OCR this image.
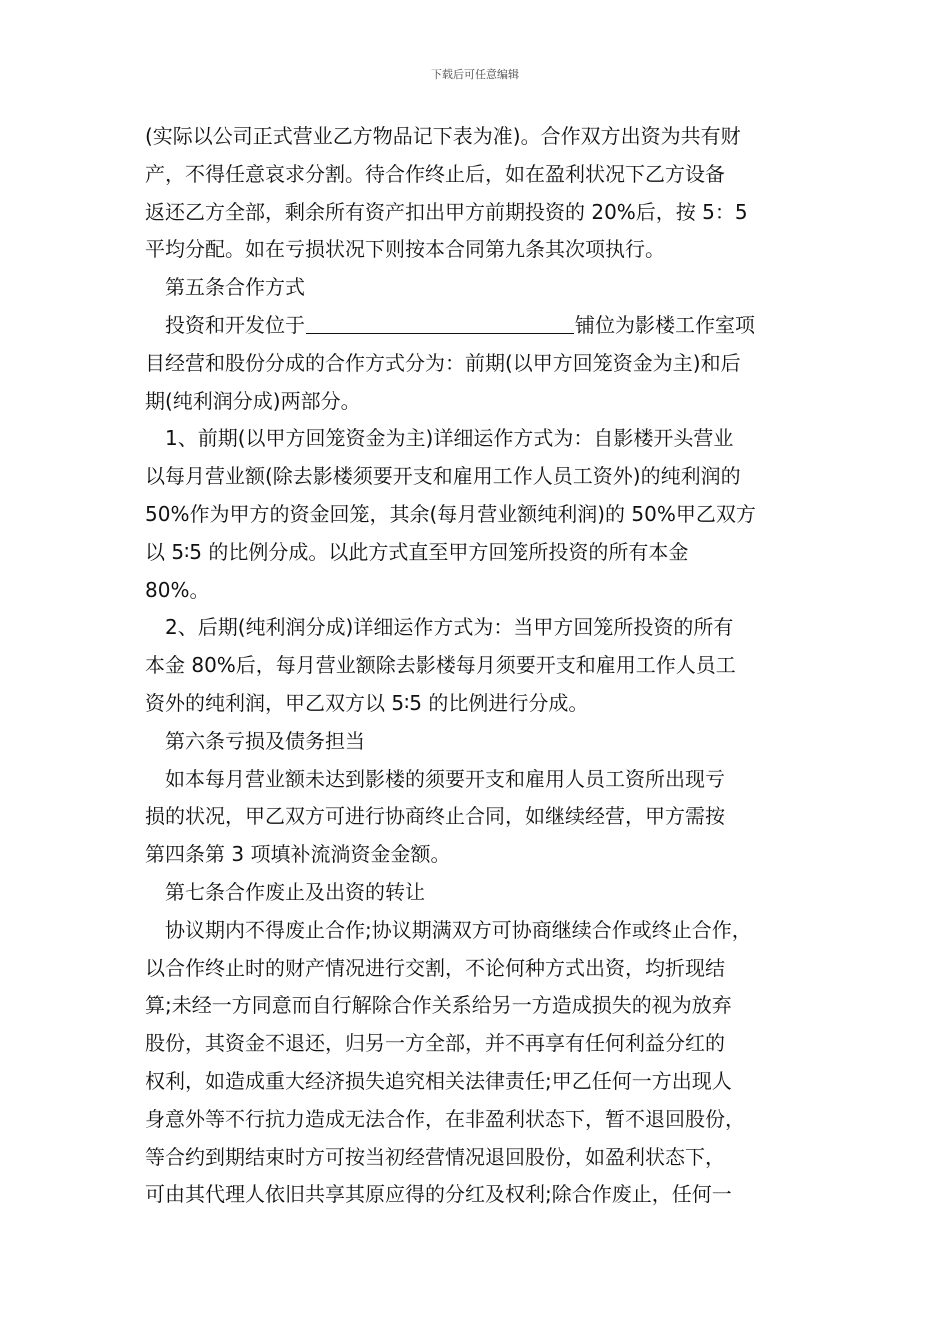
下载后可任意编辑
(实际以公司正式营业乙方物品记下表为准)。合作双方出资为共有财
产，不得任意哀求分割。待合作终止后，如在盈利状况下乙方设备
返还乙方全部，剩余所有资产扣出甲方前期投资的 20%后，按 5：5
平均分配。如在亏损状况下则按本合同第九条其次项执行。
第五条合作方式
投资和开发位于	铺位为影楼工作室项
目经营和股份分成的合作方式分为：前期(以甲方回笼资金为主)和后
期(纯利润分成)两部分。
1、前期(以甲方回笼资金为主)详细运作方式为：自影楼开头营业
以每月营业额(除去影楼须要开支和雇用工作人员工资外)的纯利润的
50%作为甲方的资金回笼，其余(每月营业额纯利润)的 50%甲乙双方
以 5∶5 的比例分成。以此方式直至甲方回笼所投资的所有本金
80%。
2、后期(纯利润分成)详细运作方式为：当甲方回笼所投资的所有
本金 80%后，每月营业额除去影楼每月须要开支和雇用工作人员工
资外的纯利润，甲乙双方以 5∶5 的比例进行分成。
第六条亏损及债务担当
如本每月营业额未达到影楼的须要开支和雇用人员工资所出现亏
损的状况，甲乙双方可进行协商终止合同，如继续经营，甲方需按
第四条第 3 项填补流淌资金金额。
第七条合作废止及出资的转让
协议期内不得废止合作;协议期满双方可协商继续合作或终止合作，
以合作终止时的财产情况进行交割，不论何种方式出资，均折现结
算;未经一方同意而自行解除合作关系给另一方造成损失的视为放弃
股份，其资金不退还，归另一方全部，并不再享有任何利益分红的
权利，如造成重大经济损失追究相关法律责任;甲乙任何一方出现人
身意外等不行抗力造成无法合作，在非盈利状态下，暂不退回股份，
等合约到期结束时方可按当初经营情况退回股份，如盈利状态下，
可由其代理人依旧共享其原应得的分红及权利;除合作废止，任何一
